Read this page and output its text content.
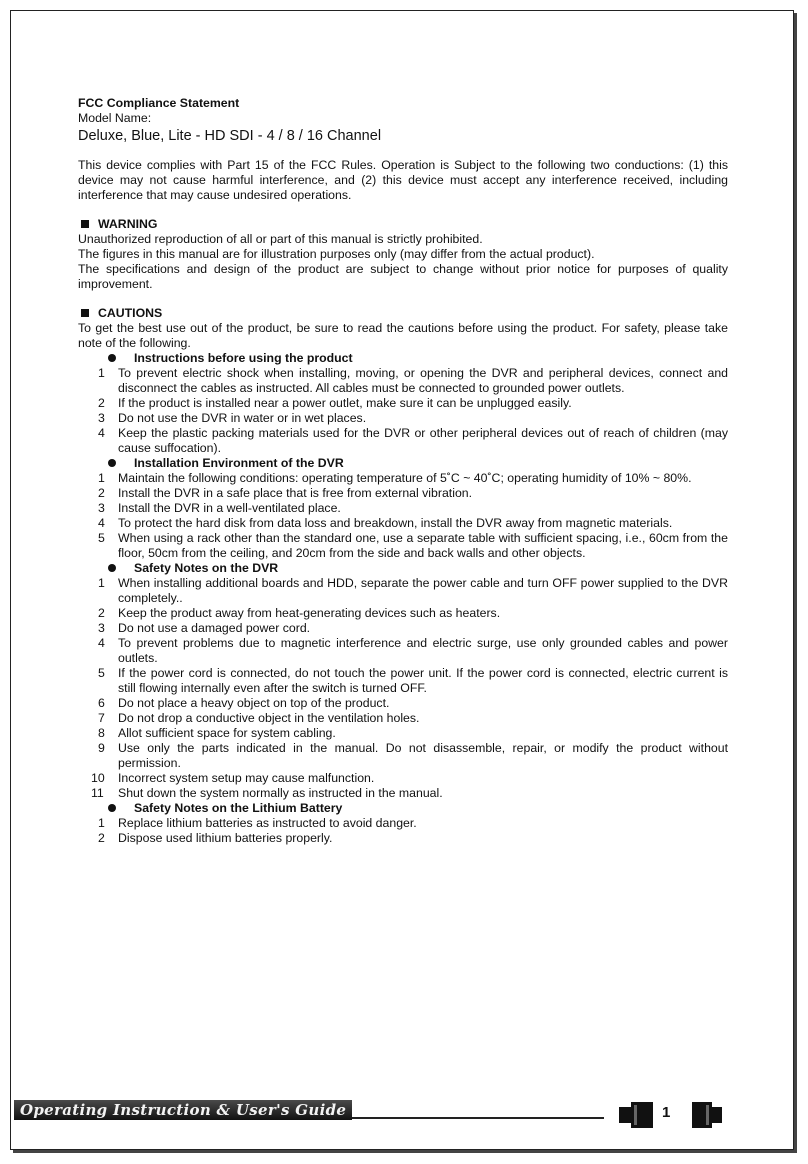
FCC Compliance Statement
Model Name:
Deluxe, Blue, Lite - HD SDI - 4 / 8 / 16 Channel
This device complies with Part 15 of the FCC Rules. Operation is Subject to the following two conductions: (1) this device may not cause harmful interference, and (2) this device must accept any interference received, including interference that may cause undesired operations.
WARNING
Unauthorized reproduction of all or part of this manual is strictly prohibited.
The figures in this manual are for illustration purposes only (may differ from the actual product).
The specifications and design of the product are subject to change without prior notice for purposes of quality improvement.
CAUTIONS
To get the best use out of the product, be sure to read the cautions before using the product. For safety, please take note of the following.
Instructions before using the product
1	To prevent electric shock when installing, moving, or opening the DVR and peripheral devices, connect and disconnect the cables as instructed. All cables must be connected to grounded power outlets.
2	If the product is installed near a power outlet, make sure it can be unplugged easily.
3	Do not use the DVR in water or in wet places.
4	Keep the plastic packing materials used for the DVR or other peripheral devices out of reach of children (may cause suffocation).
Installation Environment of the DVR
1	Maintain the following conditions: operating temperature of 5˚C ~ 40˚C; operating humidity of 10% ~ 80%.
2	Install the DVR in a safe place that is free from external vibration.
3	Install the DVR in a well-ventilated place.
4	To protect the hard disk from data loss and breakdown, install the DVR away from magnetic materials.
5	When using a rack other than the standard one, use a separate table with sufficient spacing, i.e., 60cm from the floor, 50cm from the ceiling, and 20cm from the side and back walls and other objects.
Safety Notes on the DVR
1	When installing additional boards and HDD, separate the power cable and turn OFF power supplied to the DVR completely..
2	Keep the product away from heat-generating devices such as heaters.
3	Do not use a damaged power cord.
4	To prevent problems due to magnetic interference and electric surge, use only grounded cables and power outlets.
5	If the power cord is connected, do not touch the power unit. If the power cord is connected, electric current is still flowing internally even after the switch is turned OFF.
6	Do not place a heavy object on top of the product.
7	Do not drop a conductive object in the ventilation holes.
8	Allot sufficient space for system cabling.
9	Use only the parts indicated in the manual. Do not disassemble, repair, or modify the product without permission.
10	Incorrect system setup may cause malfunction.
11	Shut down the system normally as instructed in the manual.
Safety Notes on the Lithium Battery
1	Replace lithium batteries as instructed to avoid danger.
2	Dispose used lithium batteries properly.
Operating Instruction & User's Guide	1
